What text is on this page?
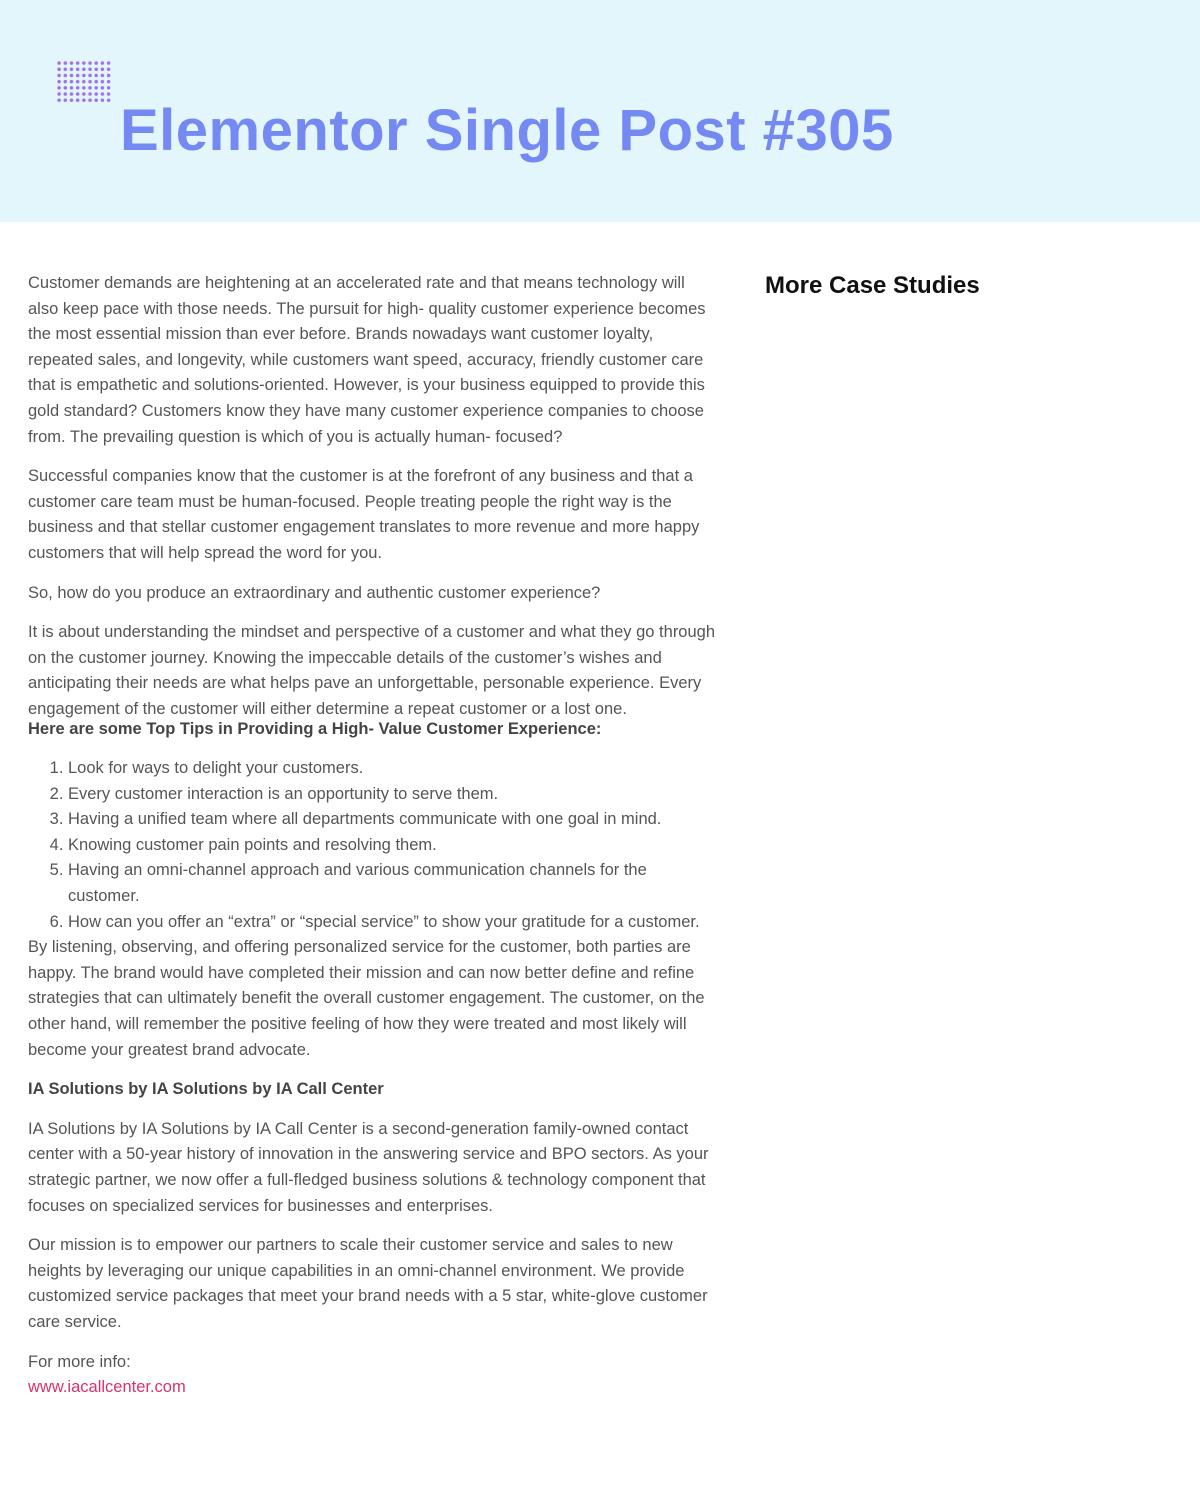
Elementor Single Post #305

Customer demands are heightening at an accelerated rate and that means technology will also keep pace with those needs. The pursuit for high- quality customer experience becomes the most essential mission than ever before. Brands nowadays want customer loyalty, repeated sales, and longevity, while customers want speed, accuracy, friendly customer care that is empathetic and solutions-oriented. However, is your business equipped to provide this gold standard? Customers know they have many customer experience companies to choose from. The prevailing question is which of you is actually human- focused?

Successful companies know that the customer is at the forefront of any business and that a customer care team must be human-focused. People treating people the right way is the business and that stellar customer engagement translates to more revenue and more happy customers that will help spread the word for you.

So, how do you produce an extraordinary and authentic customer experience?

It is about understanding the mindset and perspective of a customer and what they go through on the customer journey. Knowing the impeccable details of the customer’s wishes and anticipating their needs are what helps pave an unforgettable, personable experience. Every engagement of the customer will either determine a repeat customer or a lost one.

Here are some Top Tips in Providing a High- Value Customer Experience:

1. Look for ways to delight your customers.
2. Every customer interaction is an opportunity to serve them.
3. Having a unified team where all departments communicate with one goal in mind.
4. Knowing customer pain points and resolving them.
5. Having an omni-channel approach and various communication channels for the customer.
6. How can you offer an “extra” or “special service” to show your gratitude for a customer.

By listening, observing, and offering personalized service for the customer, both parties are happy. The brand would have completed their mission and can now better define and refine strategies that can ultimately benefit the overall customer engagement. The customer, on the other hand, will remember the positive feeling of how they were treated and most likely will become your greatest brand advocate.

IA Solutions by IA Solutions by IA Call Center

IA Solutions by IA Solutions by IA Call Center is a second-generation family-owned contact center with a 50-year history of innovation in the answering service and BPO sectors. As your strategic partner, we now offer a full-fledged business solutions & technology component that focuses on specialized services for businesses and enterprises.

Our mission is to empower our partners to scale their customer service and sales to new heights by leveraging our unique capabilities in an omni-channel environment. We provide customized service packages that meet your brand needs with a 5 star, white-glove customer care service.

For more info:
www.iacallcenter.com

More Case Studies
